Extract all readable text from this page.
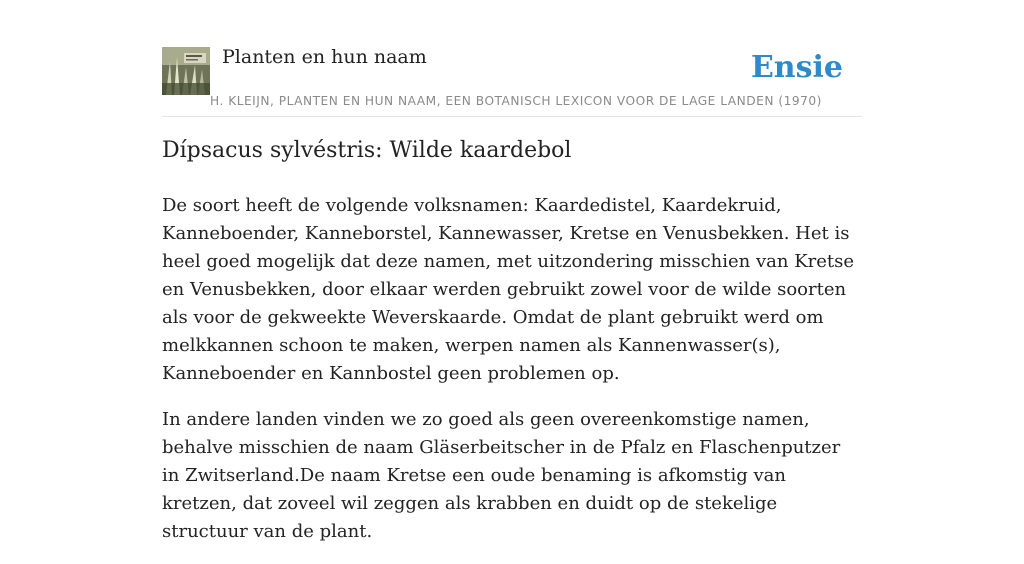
Planten en hun naam	Ensie
H. KLEIJN, PLANTEN EN HUN NAAM, EEN BOTANISCH LEXICON VOOR DE LAGE LANDEN (1970)
Dípsacus sylvéstris: Wilde kaardebol

De soort heeft de volgende volksnamen: Kaardedistel, Kaardekruid, Kanneboender, Kanneborstel, Kannewasser, Kretse en Venusbekken. Het is heel goed mogelijk dat deze namen, met uitzondering misschien van Kretse en Venusbekken, door elkaar werden gebruikt zowel voor de wilde soorten als voor de gekweekte Weverskaarde. Omdat de plant gebruikt werd om melkkannen schoon te maken, werpen namen als Kannenwasser(s), Kanneboender en Kannbostel geen problemen op.

In andere landen vinden we zo goed als geen overeenkomstige namen, behalve misschien de naam Gläserbeitscher in de Pfalz en Flaschenputzer in Zwitserland.De naam Kretse een oude benaming is afkomstig van kretzen, dat zoveel wil zeggen als krabben en duidt op de stekelige structuur van de plant.
